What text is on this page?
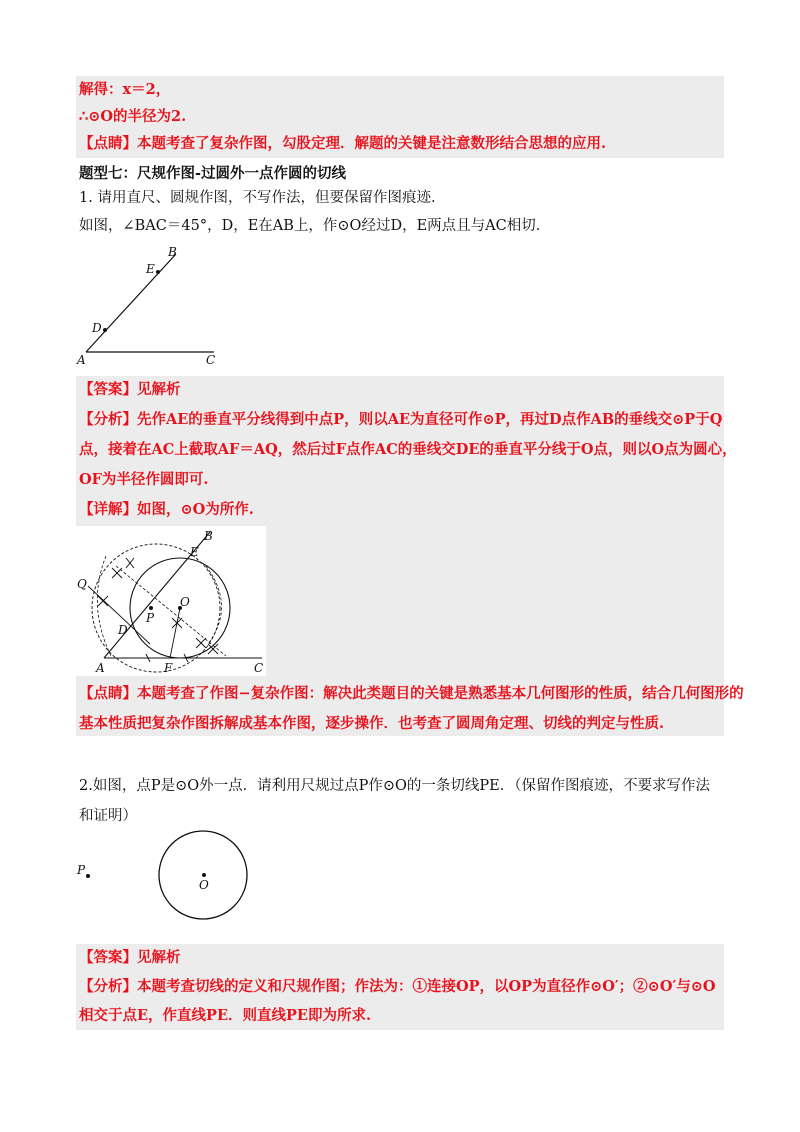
解得：x＝2，
∴⊙O的半径为2.
【点睛】本题考查了复杂作图，勾股定理．解题的关键是注意数形结合思想的应用.
题型七：尺规作图-过圆外一点作圆的切线
1. 请用直尺、圆规作图，不写作法，但要保留作图痕迹.
如图，∠BAC＝45°，D，E在AB上，作⊙O经过D，E两点且与AC相切.
B
E
D
A	C
【答案】见解析
【分析】先作AE的垂直平分线得到中点P，则以AE为直径可作⊙P，再过D点作AB的垂线交⊙P于Q
点，接着在AC上截取AF＝AQ，然后过F点作AC的垂线交DE的垂直平分线于O点，则以O点为圆心，
OF为半径作圆即可.
【详解】如图，⊙O为所作.
B
E
Q
O
P
D
A	F	C
【点睛】本题考查了作图−复杂作图：解决此类题目的关键是熟悉基本几何图形的性质，结合几何图形的
基本性质把复杂作图拆解成基本作图，逐步操作．也考查了圆周角定理、切线的判定与性质.
2.如图，点P是⊙O外一点．请利用尺规过点P作⊙O的一条切线PE．（保留作图痕迹，不要求写作法
和证明）
P
O
【答案】见解析
【分析】本题考查切线的定义和尺规作图；作法为：①连接OP，以OP为直径作⊙O′；②⊙O′与⊙O
相交于点E，作直线PE．则直线PE即为所求.
